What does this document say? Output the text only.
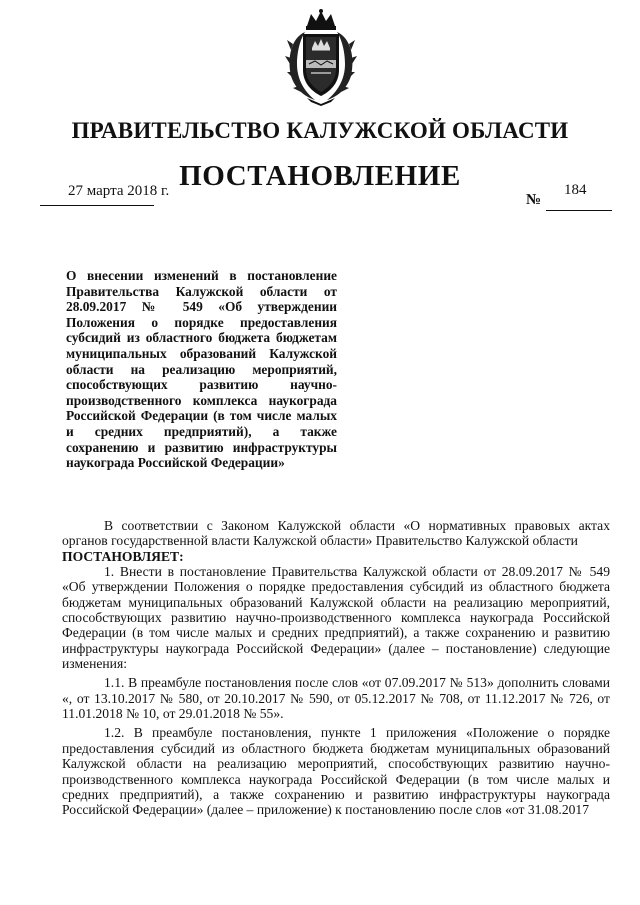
ПРАВИТЕЛЬСТВО КАЛУЖСКОЙ ОБЛАСТИ
ПОСТАНОВЛЕНИЕ
27 марта 2018 г.	184
№

О внесении изменений в постановление Правительства Калужской области от 28.09.2017 № 549 «Об утверждении Положения о порядке предоставления субсидий из областного бюджета бюджетам муниципальных образований Калужской области на реализацию мероприятий, способствующих развитию научно-производственного комплекса наукограда Российской Федерации (в том числе малых и средних предприятий), а также сохранению и развитию инфраструктуры наукограда Российской Федерации»

В соответствии с Законом Калужской области «О нормативных правовых актах органов государственной власти Калужской области» Правительство Калужской области

ПОСТАНОВЛЯЕТ:

1. Внести в постановление Правительства Калужской области от 28.09.2017 № 549 «Об утверждении Положения о порядке предоставления субсидий из областного бюджета бюджетам муниципальных образований Калужской области на реализацию мероприятий, способствующих развитию научно-производственного комплекса наукограда Российской Федерации (в том числе малых и средних предприятий), а также сохранению и развитию инфраструктуры наукограда Российской Федерации» (далее – постановление) следующие изменения:

1.1. В преамбуле постановления после слов «от 07.09.2017 № 513» дополнить словами «, от 13.10.2017 № 580, от 20.10.2017 № 590, от 05.12.2017 № 708, от 11.12.2017 № 726, от 11.01.2018 № 10, от 29.01.2018 № 55».

1.2. В преамбуле постановления, пункте 1 приложения «Положение о порядке предоставления субсидий из областного бюджета бюджетам муниципальных образований Калужской области на реализацию мероприятий, способствующих развитию научно-производственного комплекса наукограда Российской Федерации (в том числе малых и средних предприятий), а также сохранению и развитию инфраструктуры наукограда Российской Федерации» (далее – приложение) к постановлению после слов «от 31.08.2017
